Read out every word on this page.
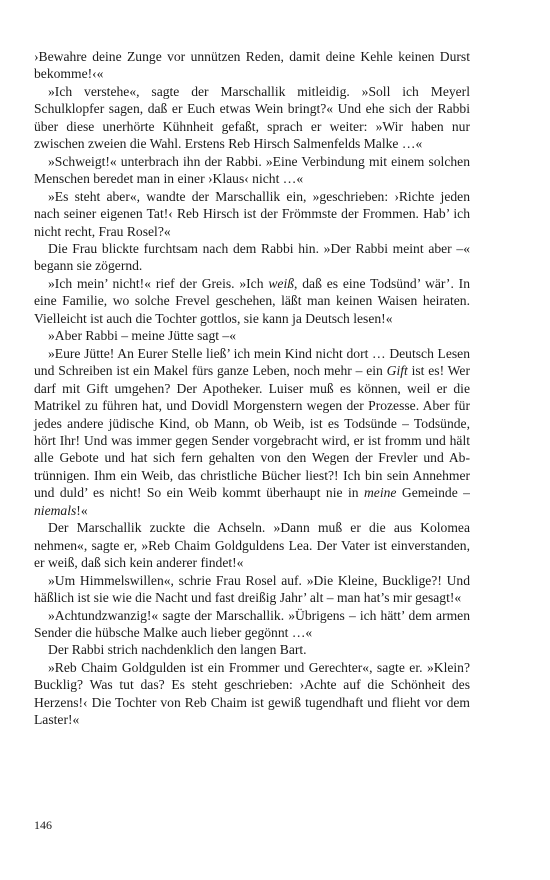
›Bewahre deine Zunge vor unnützen Reden, damit deine Kehle keinen Durst bekomme!‹«

»Ich verstehe«, sagte der Marschallik mitleidig. »Soll ich Meyerl Schulklopfer sagen, daß er Euch etwas Wein bringt?« Und ehe sich der Rabbi über diese unerhörte Kühnheit gefaßt, sprach er weiter: »Wir haben nur zwischen zweien die Wahl. Erstens Reb Hirsch Salmenfelds Malke …«

»Schweigt!« unterbrach ihn der Rabbi. »Eine Verbindung mit einem solchen Menschen beredet man in einer ›Klaus‹ nicht …«

»Es steht aber«, wandte der Marschallik ein, »geschrieben: ›Richte jeden nach seiner eigenen Tat!‹ Reb Hirsch ist der Frömmste der Frommen. Hab’ ich nicht recht, Frau Rosel?«

Die Frau blickte furchtsam nach dem Rabbi hin. »Der Rabbi meint aber –« begann sie zögernd.

»Ich mein’ nicht!« rief der Greis. »Ich weiß, daß es eine Todsünd’ wär’. In eine Familie, wo solche Frevel geschehen, läßt man keinen Waisen heiraten. Vielleicht ist auch die Tochter gottlos, sie kann ja Deutsch lesen!«

»Aber Rabbi – meine Jütte sagt –«

»Eure Jütte! An Eurer Stelle ließ’ ich mein Kind nicht dort … Deutsch Lesen und Schreiben ist ein Makel fürs ganze Leben, noch mehr – ein Gift ist es! Wer darf mit Gift umgehen? Der Apotheker. Luiser muß es können, weil er die Matrikel zu führen hat, und Dovidl Morgenstern wegen der Prozesse. Aber für jedes andere jüdische Kind, ob Mann, ob Weib, ist es Todsünde – Todsünde, hört Ihr! Und was immer gegen Sender vorgebracht wird, er ist fromm und hält alle Gebote und hat sich fern gehalten von den Wegen der Frevler und Abtrünnigen. Ihm ein Weib, das christliche Bücher liest?! Ich bin sein Annehmer und duld’ es nicht! So ein Weib kommt überhaupt nie in meine Gemeinde – niemals!«

Der Marschallik zuckte die Achseln. »Dann muß er die aus Kolomea nehmen«, sagte er, »Reb Chaim Goldguldens Lea. Der Vater ist einverstanden, er weiß, daß sich kein anderer findet!«

»Um Himmelswillen«, schrie Frau Rosel auf. »Die Kleine, Bucklige?! Und häßlich ist sie wie die Nacht und fast dreißig Jahr’ alt – man hat’s mir gesagt!«

»Achtundzwanzig!« sagte der Marschallik. »Übrigens – ich hätt’ dem armen Sender die hübsche Malke auch lieber gegönnt …«

Der Rabbi strich nachdenklich den langen Bart.

»Reb Chaim Goldgulden ist ein Frommer und Gerechter«, sagte er. »Klein? Bucklig? Was tut das? Es steht geschrieben: ›Achte auf die Schönheit des Herzens!‹ Die Tochter von Reb Chaim ist gewiß tugendhaft und flieht vor dem Laster!«

146
